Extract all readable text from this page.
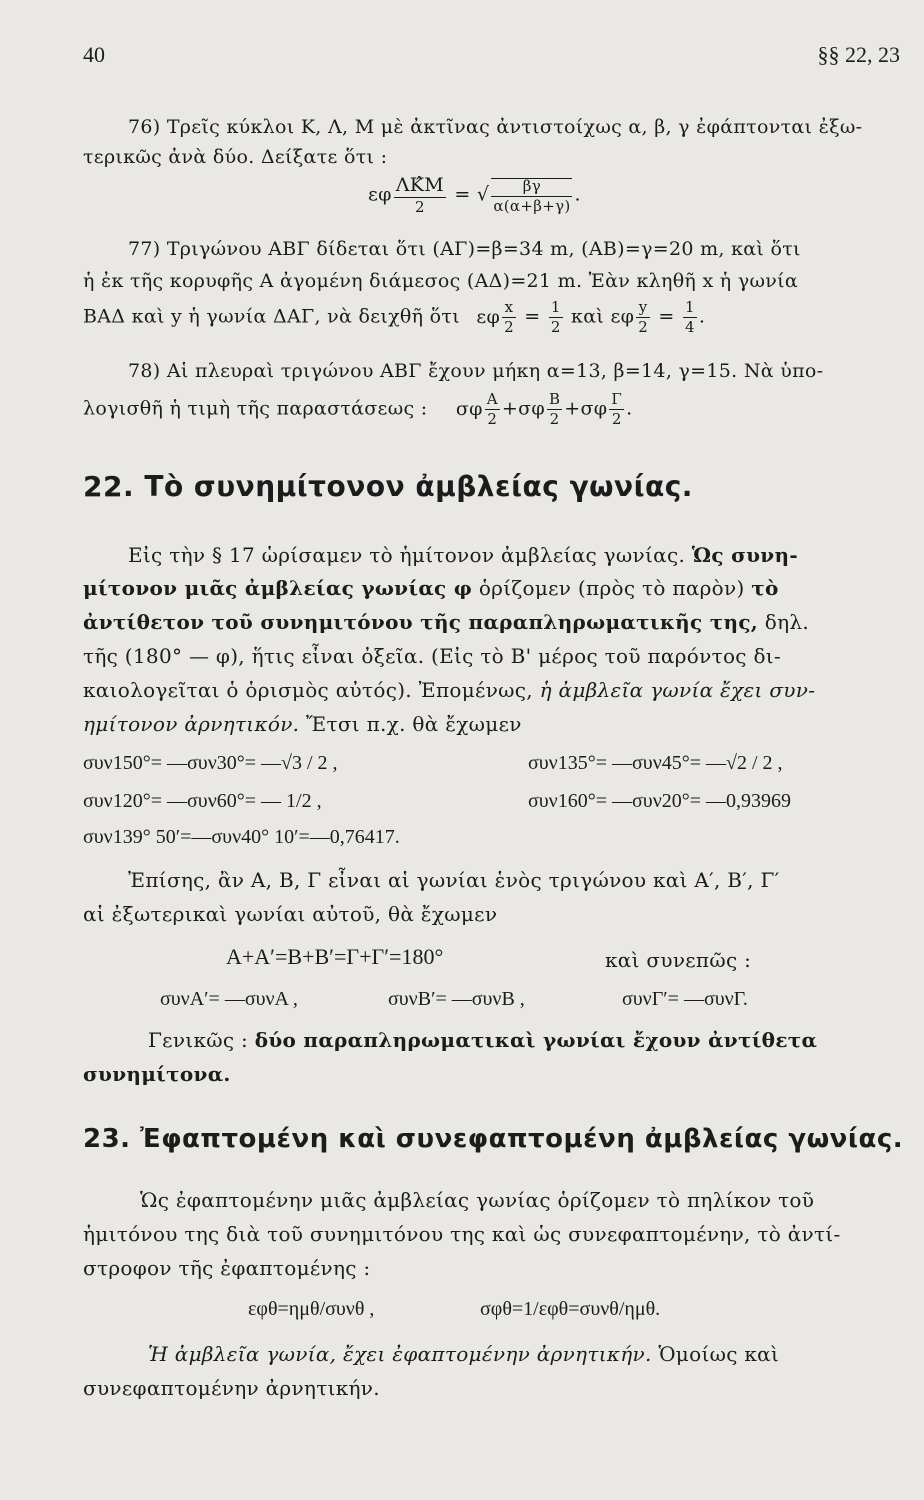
40	§§ 22, 23
76) Τρεῖς κύκλοι Κ, Λ, Μ μὲ ἀκτῖνας ἀντιστοίχως α, β, γ ἐφάπτονται ἐξω-
τερικῶς ἀνὰ δύο. Δείξατε ὅτι :
εφ ΛΚ̂Μ
2
= √ $\frac{\beta\gamma}{\alpha(\alpha+\beta+\gamma)}$ .
77) Τριγώνου ΑΒΓ δίδεται ὅτι (ΑΓ)=β=34 m, (ΑΒ)=γ=20 m, καὶ ὅτι
ἡ ἐκ τῆς κορυφῆς Α ἀγομένη διάμεσος (ΑΔ)=21 m. Ἐὰν κληθῆ x ἡ γωνία
ΒΑΔ καὶ y ἡ γωνία ΔΑΓ, νὰ δειχθῆ ὅτι εφ $\frac{x}{2} = \frac{1}{2}$ καὶ εφ $\frac{y}{2} = \frac{1}{4}$ .
78) Αἱ πλευραὶ τριγώνου ΑΒΓ ἔχουν μήκη α=13, β=14, γ=15. Νὰ ὑπο-
λογισθῆ ἡ τιμὴ τῆς παραστάσεως : σφ $\frac{A}{2} +\sigma\varphi \frac{B}{2} +\sigma\varphi \frac{\Gamma}{2}$ .
22. Τὸ συνημίτονον ἀμβλείας γωνίας.
Εἰς τὴν § 17 ὡρίσαμεν τὸ ἡμίτονον ἀμβλείας γωνίας. Ὡς συνη-
μίτονον μιᾶς ἀμβλείας γωνίας φ ὁρίζομεν (πρὸς τὸ παρὸν) τὸ
ἀντίθετον τοῦ συνημιτόνου τῆς παραπληρωματικῆς της, δηλ.
τῆς (180° — φ), ἥτις εἶναι ὀξεῖα. (Εἰς τὸ Β' μέρος τοῦ παρόντος δι-
καιολογεῖται ὁ ὁρισμὸς αὐτός). Ἐπομένως, ἡ ἀμβλεῖα γωνία ἔχει συν-
ημίτονον ἀρνητικόν. Ἔτσι π.χ. θὰ ἔχωμεν
συν150°= —συν30°= —√3 / 2 ,	συν135°= —συν45°= —√2 / 2 ,
συν120°= —συν60°= — 1/2 ,	συν160°= —συν20°= —0,93969
συν139° 50′=—συν40° 10′=—0,76417.
Ἐπίσης, ἂν Α, Β, Γ εἶναι αἱ γωνίαι ἑνὸς τριγώνου καὶ Α′, Β′, Γ′
αἱ ἐξωτερικαὶ γωνίαι αὐτοῦ, θὰ ἔχωμεν
Α+Α′=Β+Β′=Γ+Γ′=180°	καὶ συνεπῶς :
συνΑ′= —συνΑ ,	συνΒ′= —συνΒ ,	συνΓ′= —συνΓ.
Γενικῶς : δύο παραπληρωματικαὶ γωνίαι ἔχουν ἀντίθετα
συνημίτονα.
23. Ἐφαπτομένη καὶ συνεφαπτομένη ἀμβλείας γωνίας.
Ὡς ἐφαπτομένην μιᾶς ἀμβλείας γωνίας ὁρίζομεν τὸ πηλίκον τοῦ
ἡμιτόνου της διὰ τοῦ συνημιτόνου της καὶ ὡς συνεφαπτομένην, τὸ ἀντί-
στροφον τῆς ἐφαπτομένης :
εφθ=ημθ/συνθ ,	σφθ=1/εφθ=συνθ/ημθ.
Ἡ ἀμβλεῖα γωνία, ἔχει ἐφαπτομένην ἀρνητικήν. Ὁμοίως καὶ
συνεφαπτομένην ἀρνητικήν.
